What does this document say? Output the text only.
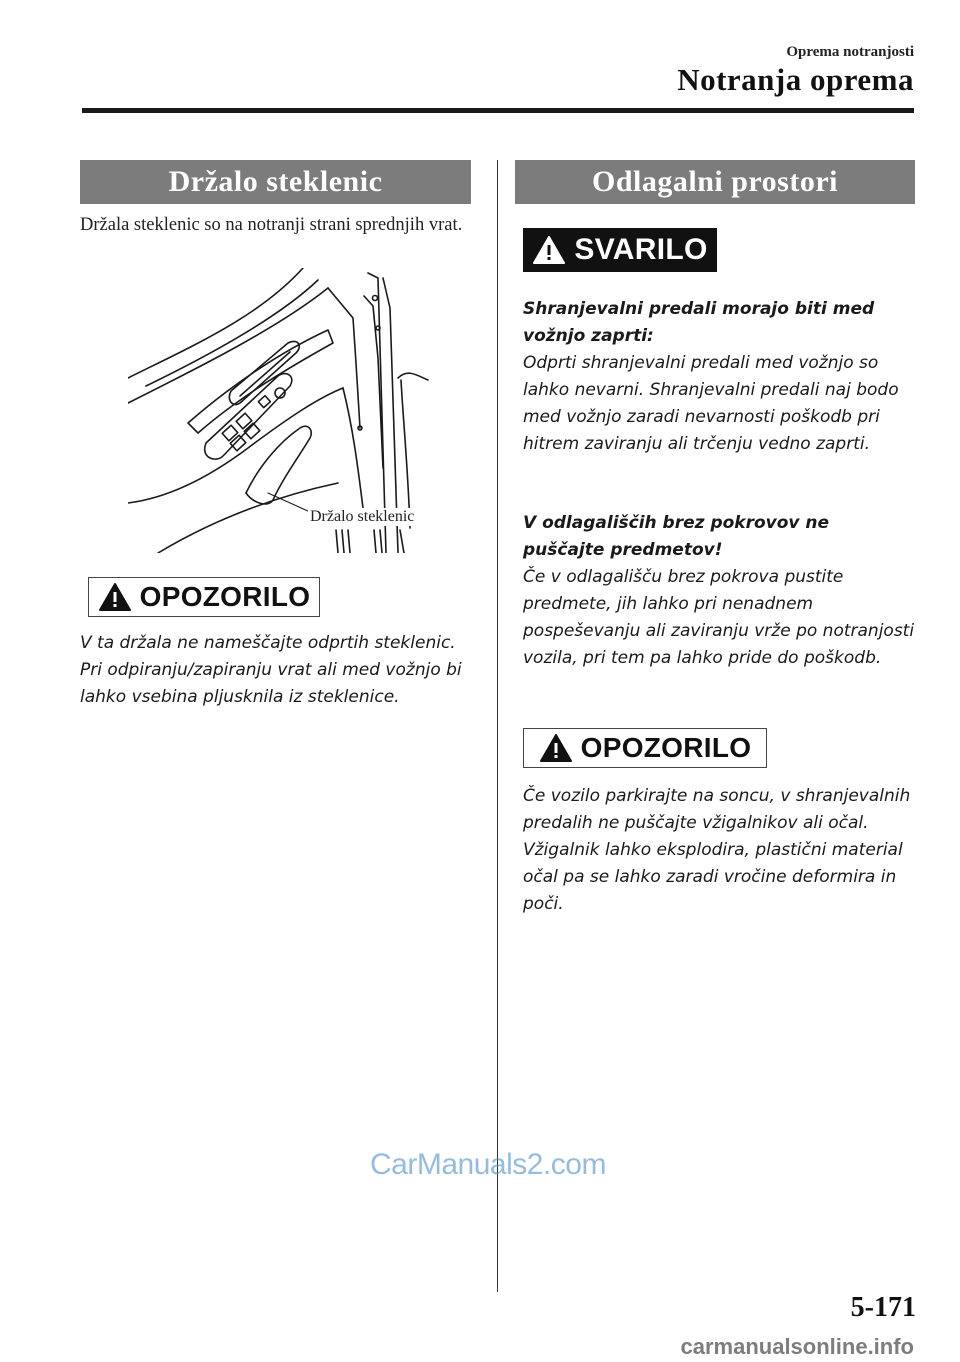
Oprema notranjosti
Notranja oprema
Držalo steklenic
Držala steklenic so na notranji strani sprednjih vrat.
Držalo steklenic
OPOZORILO
V ta držala ne nameščajte odprtih steklenic. Pri odpiranju/zapiranju vrat ali med vožnjo bi lahko vsebina pljusknila iz steklenice.
Odlagalni prostori
SVARILO

Shranjevalni predali morajo biti med vožnjo zaprti:

Odprti shranjevalni predali med vožnjo so lahko nevarni. Shranjevalni predali naj bodo med vožnjo zaradi nevarnosti poškodb pri hitrem zaviranju ali trčenju vedno zaprti.

V odlagališčih brez pokrovov ne puščajte predmetov!

Če v odlagališču brez pokrova pustite predmete, jih lahko pri nenadnem pospeševanju ali zaviranju vrže po notranjosti vozila, pri tem pa lahko pride do poškodb.

OPOZORILO
Če vozilo parkirajte na soncu, v shranjevalnih predalih ne puščajte vžigalnikov ali očal. Vžigalnik lahko eksplodira, plastični material očal pa se lahko zaradi vročine deformira in poči.
CarManuals2.com
5-171
carmanualsonline.info
